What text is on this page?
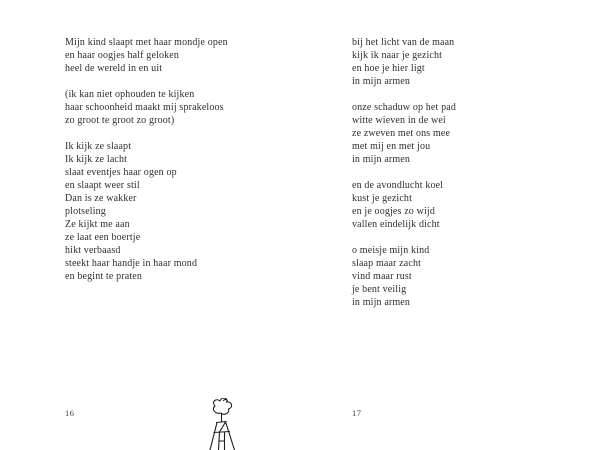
Mijn kind slaapt met haar mondje open
en haar oogjes half geloken
heel de wereld in en uit

(ik kan niet ophouden te kijken
haar schoonheid maakt mij sprakeloos
zo groot te groot zo groot)

Ik kijk ze slaapt
Ik kijk ze lacht
slaat eventjes haar ogen op
en slaapt weer stil
Dan is ze wakker
plotseling
Ze kijkt me aan
ze laat een boertje
hikt verbaasd
steekt haar handje in haar mond
en begint te praten

bij het licht van de maan
kijk ik naar je gezicht
en hoe je hier ligt
in mijn armen

onze schaduw op het pad
witte wieven in de wei
ze zweven met ons mee
met mij en met jou
in mijn armen

en de avondlucht koel
kust je gezicht
en je oogjes zo wijd
vallen eindelijk dicht

o meisje mijn kind
slaap maar zacht
vind maar rust
je bent veilig
in mijn armen

16	17
